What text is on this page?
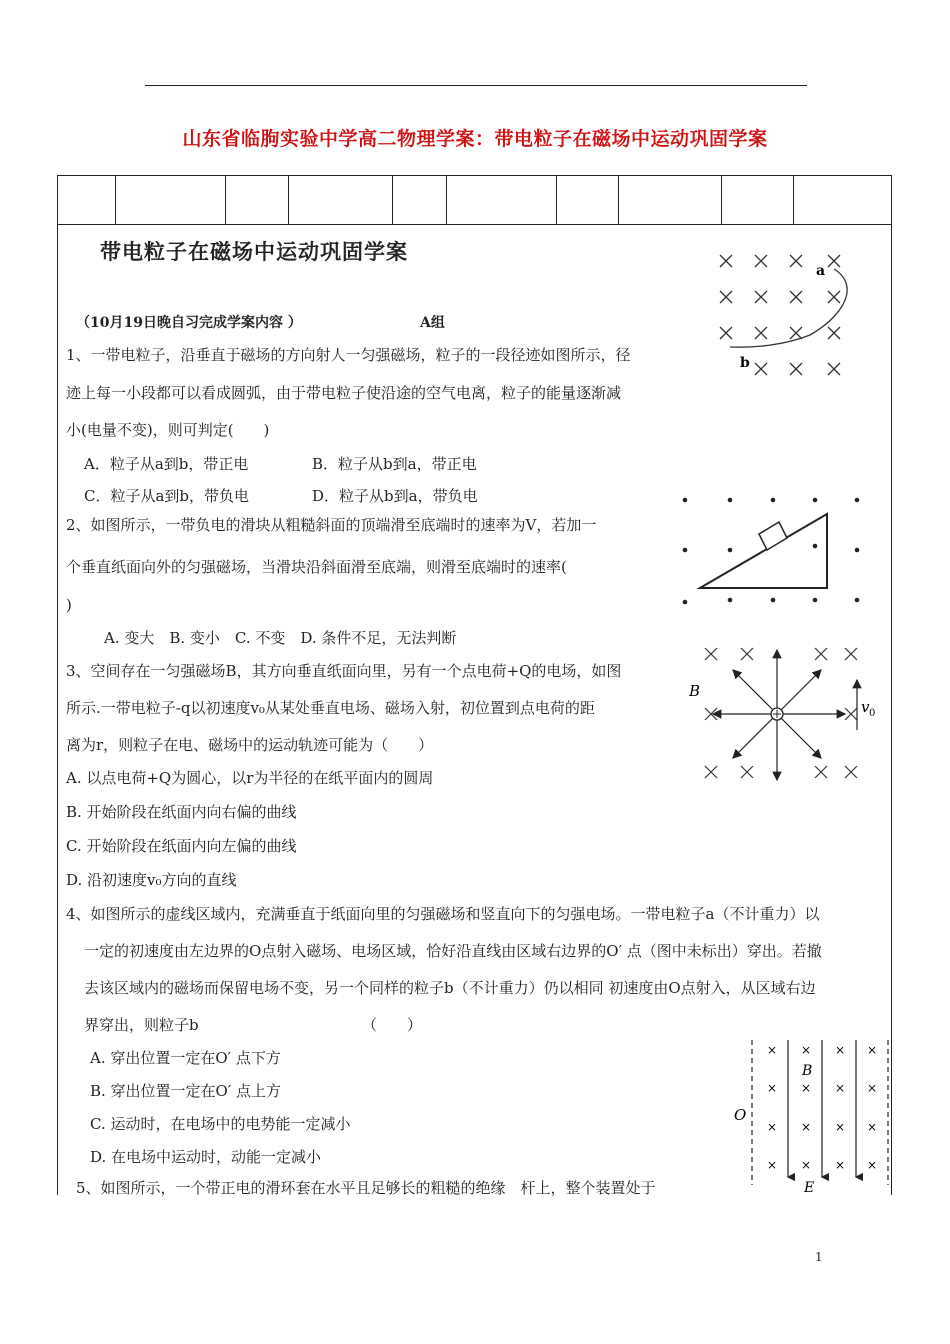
山东省临朐实验中学高二物理学案：带电粒子在磁场中运动巩固学案
带电粒子在磁场中运动巩固学案
（10月19日晚自习完成学案内容 ）	A组
1、一带电粒子，沿垂直于磁场的方向射人一匀强磁场，粒子的一段径迹如图所示，径
迹上每一小段都可以看成圆弧，由于带电粒子使沿途的空气电离，粒子的能量逐渐减
小(电量不变)，则可判定(　　)
A．粒子从a到b，带正电	B．粒子从b到a，带正电
C．粒子从a到b，带负电	D．粒子从b到a，带负电
a
b
2、如图所示，一带负电的滑块从粗糙斜面的顶端滑至底端时的速率为V，若加一
个垂直纸面向外的匀强磁场，当滑块沿斜面滑至底端，则滑至底端时的速率(
)
A. 变大　B. 变小　C. 不变　D. 条件不足，无法判断
3、空间存在一匀强磁场B，其方向垂直纸面向里，另有一个点电荷+Q的电场，如图
所示.一带电粒子-q以初速度v₀从某处垂直电场、磁场入射，初位置到点电荷的距
离为r，则粒子在电、磁场中的运动轨迹可能为（　　）
A. 以点电荷+Q为圆心，以r为半径的在纸平面内的圆周
B. 开始阶段在纸面内向右偏的曲线
C. 开始阶段在纸面内向左偏的曲线
D. 沿初速度v₀方向的直线
B
v 0
4、如图所示的虚线区域内，充满垂直于纸面向里的匀强磁场和竖直向下的匀强电场。一带电粒子a（不计重力）以
一定的初速度由左边界的O点射入磁场、电场区域，恰好沿直线由区域右边界的O′ 点（图中未标出）穿出。若撤
去该区域内的磁场而保留电场不变，另一个同样的粒子b（不计重力）仍以相同 初速度由O点射入，从区域右边
界穿出，则粒子b	（　　）
A. 穿出位置一定在O′ 点下方
B. 穿出位置一定在O′ 点上方
C. 运动时，在电场中的电势能一定减小
D. 在电场中运动时，动能一定减小
× × × ×
× × × ×
× × × ×
× × × ×
O
B
E
5、如图所示，一个带正电的滑环套在水平且足够长的粗糙的绝缘　杆上，整个装置处于
1
